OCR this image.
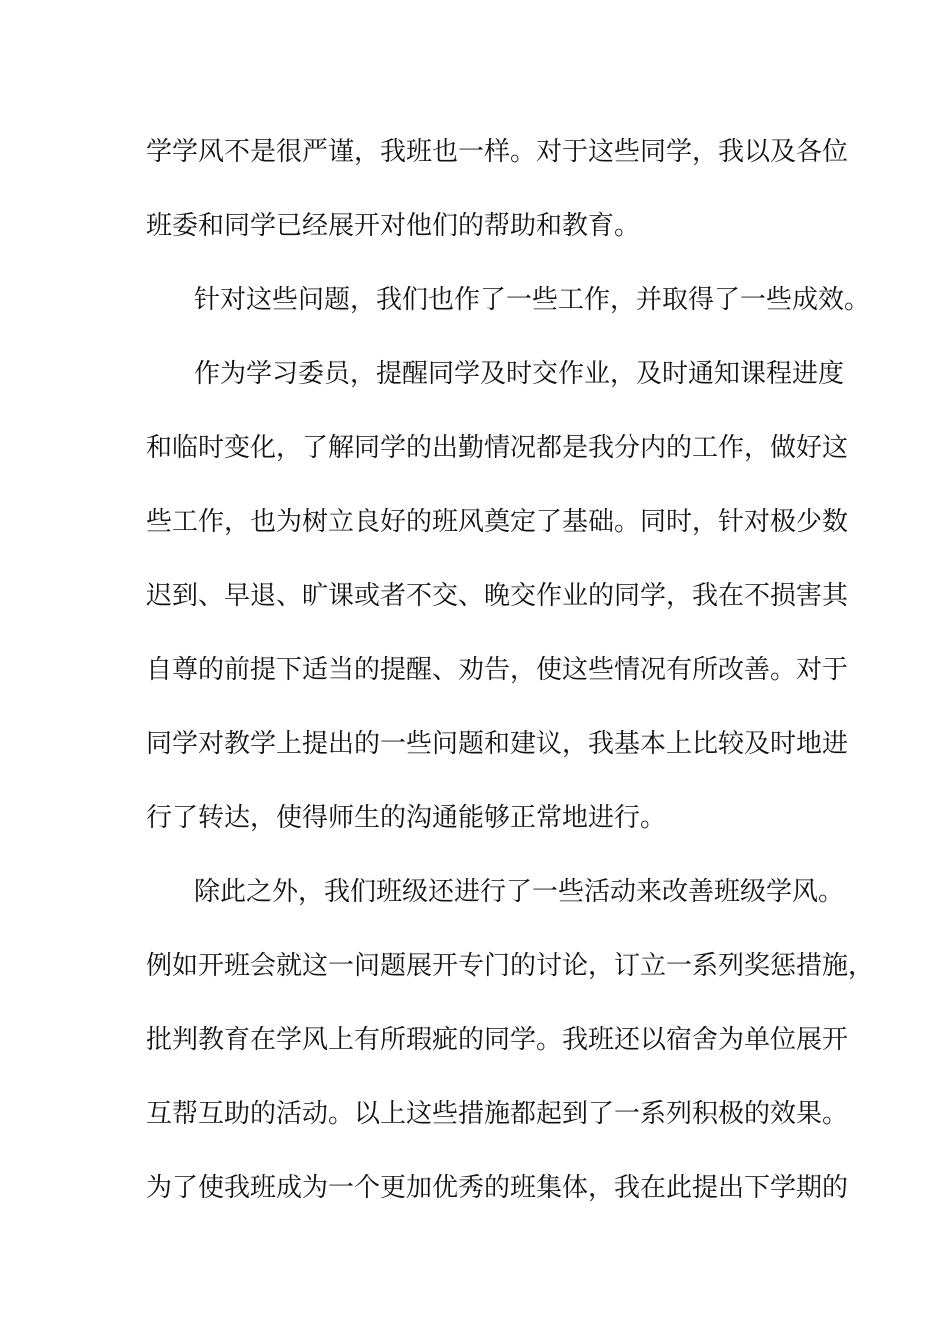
学学风不是很严谨，我班也一样。对于这些同学，我以及各位
班委和同学已经展开对他们的帮助和教育。
针对这些问题，我们也作了一些工作，并取得了一些成效。
作为学习委员，提醒同学及时交作业，及时通知课程进度
和临时变化，了解同学的出勤情况都是我分内的工作，做好这
些工作，也为树立良好的班风奠定了基础。同时，针对极少数
迟到、早退、旷课或者不交、晚交作业的同学，我在不损害其
自尊的前提下适当的提醒、劝告，使这些情况有所改善。对于
同学对教学上提出的一些问题和建议，我基本上比较及时地进
行了转达，使得师生的沟通能够正常地进行。
除此之外，我们班级还进行了一些活动来改善班级学风。
例如开班会就这一问题展开专门的讨论，订立一系列奖惩措施，
批判教育在学风上有所瑕疵的同学。我班还以宿舍为单位展开
互帮互助的活动。以上这些措施都起到了一系列积极的效果。
为了使我班成为一个更加优秀的班集体，我在此提出下学期的
